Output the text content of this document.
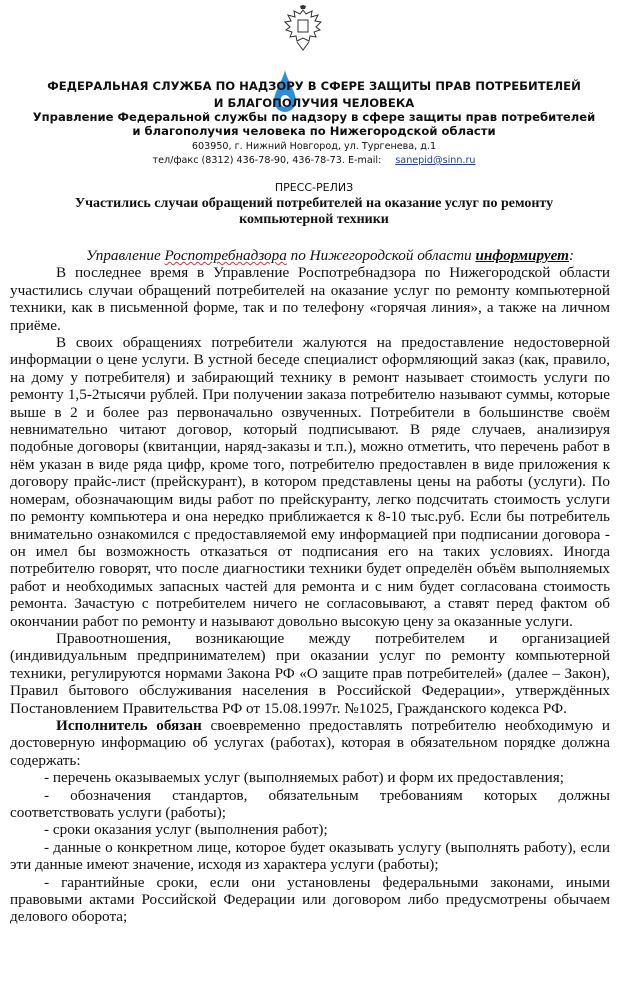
ФЕДЕРАЛЬНАЯ СЛУЖБА ПО НАДЗОРУ В СФЕРЕ ЗАЩИТЫ ПРАВ ПОТРЕБИТЕЛЕЙ
И БЛАГОПОЛУЧИЯ ЧЕЛОВЕКА
Управление Федеральной службы по надзору в сфере защиты прав потребителей
и благополучия человека по Нижегородской области
603950, г. Нижний Новгород, ул. Тургенева, д.1
тел/факс (8312) 436-78-90, 436-78-73. E-mail: sanepid@sinn.ru
ПРЕСС-РЕЛИЗ
Участились случаи обращений потребителей на оказание услуг по ремонту
компьютерной техники

Управление Роспотребнадзора по Нижегородской области информирует:

В последнее время в Управление Роспотребнадзора по Нижегородской области участились случаи обращений потребителей на оказание услуг по ремонту компьютерной техники, как в письменной форме, так и по телефону «горячая линия», а также на личном приёме.

В своих обращениях потребители жалуются на предоставление недостоверной информации о цене услуги. В устной беседе специалист оформляющий заказ (как, правило, на дому у потребителя) и забирающий технику в ремонт называет стоимость услуги по ремонту 1,5-2тысячи рублей. При получении заказа потребителю называют суммы, которые выше в 2 и более раз первоначально озвученных. Потребители в большинстве своём невнимательно читают договор, который подписывают. В ряде случаев, анализируя подобные договоры (квитанции, наряд-заказы и т.п.), можно отметить, что перечень работ в нём указан в виде ряда цифр, кроме того, потребителю предоставлен в виде приложения к договору прайс-лист (прейскурант), в котором представлены цены на работы (услуги). По номерам, обозначающим виды работ по прейскуранту, легко подсчитать стоимость услуги по ремонту компьютера и она нередко приближается к 8-10 тыс.руб. Если бы потребитель внимательно ознакомился с предоставляемой ему информацией при подписании договора - он имел бы возможность отказаться от подписания его на таких условиях. Иногда потребителю говорят, что после диагностики техники будет определён объём выполняемых работ и необходимых запасных частей для ремонта и с ним будет согласована стоимость ремонта. Зачастую с потребителем ничего не согласовывают, а ставят перед фактом об окончании работ по ремонту и называют довольно высокую цену за оказанные услуги.

Правоотношения, возникающие между потребителем и организацией (индивидуальным предпринимателем) при оказании услуг по ремонту компьютерной техники, регулируются нормами Закона РФ «О защите прав потребителей» (далее – Закон), Правил бытового обслуживания населения в Российской Федерации», утверждённых Постановлением Правительства РФ от 15.08.1997г. №1025, Гражданского кодекса РФ.

Исполнитель обязан своевременно предоставлять потребителю необходимую и достоверную информацию об услугах (работах), которая в обязательном порядке должна содержать:

- перечень оказываемых услуг (выполняемых работ) и форм их предоставления;

- обозначения стандартов, обязательным требованиям которых должны соответствовать услуги (работы);

- сроки оказания услуг (выполнения работ);

- данные о конкретном лице, которое будет оказывать услугу (выполнять работу), если эти данные имеют значение, исходя из характера услуги (работы);

- гарантийные сроки, если они установлены федеральными законами, иными правовыми актами Российской Федерации или договором либо предусмотрены обычаем делового оборота;
